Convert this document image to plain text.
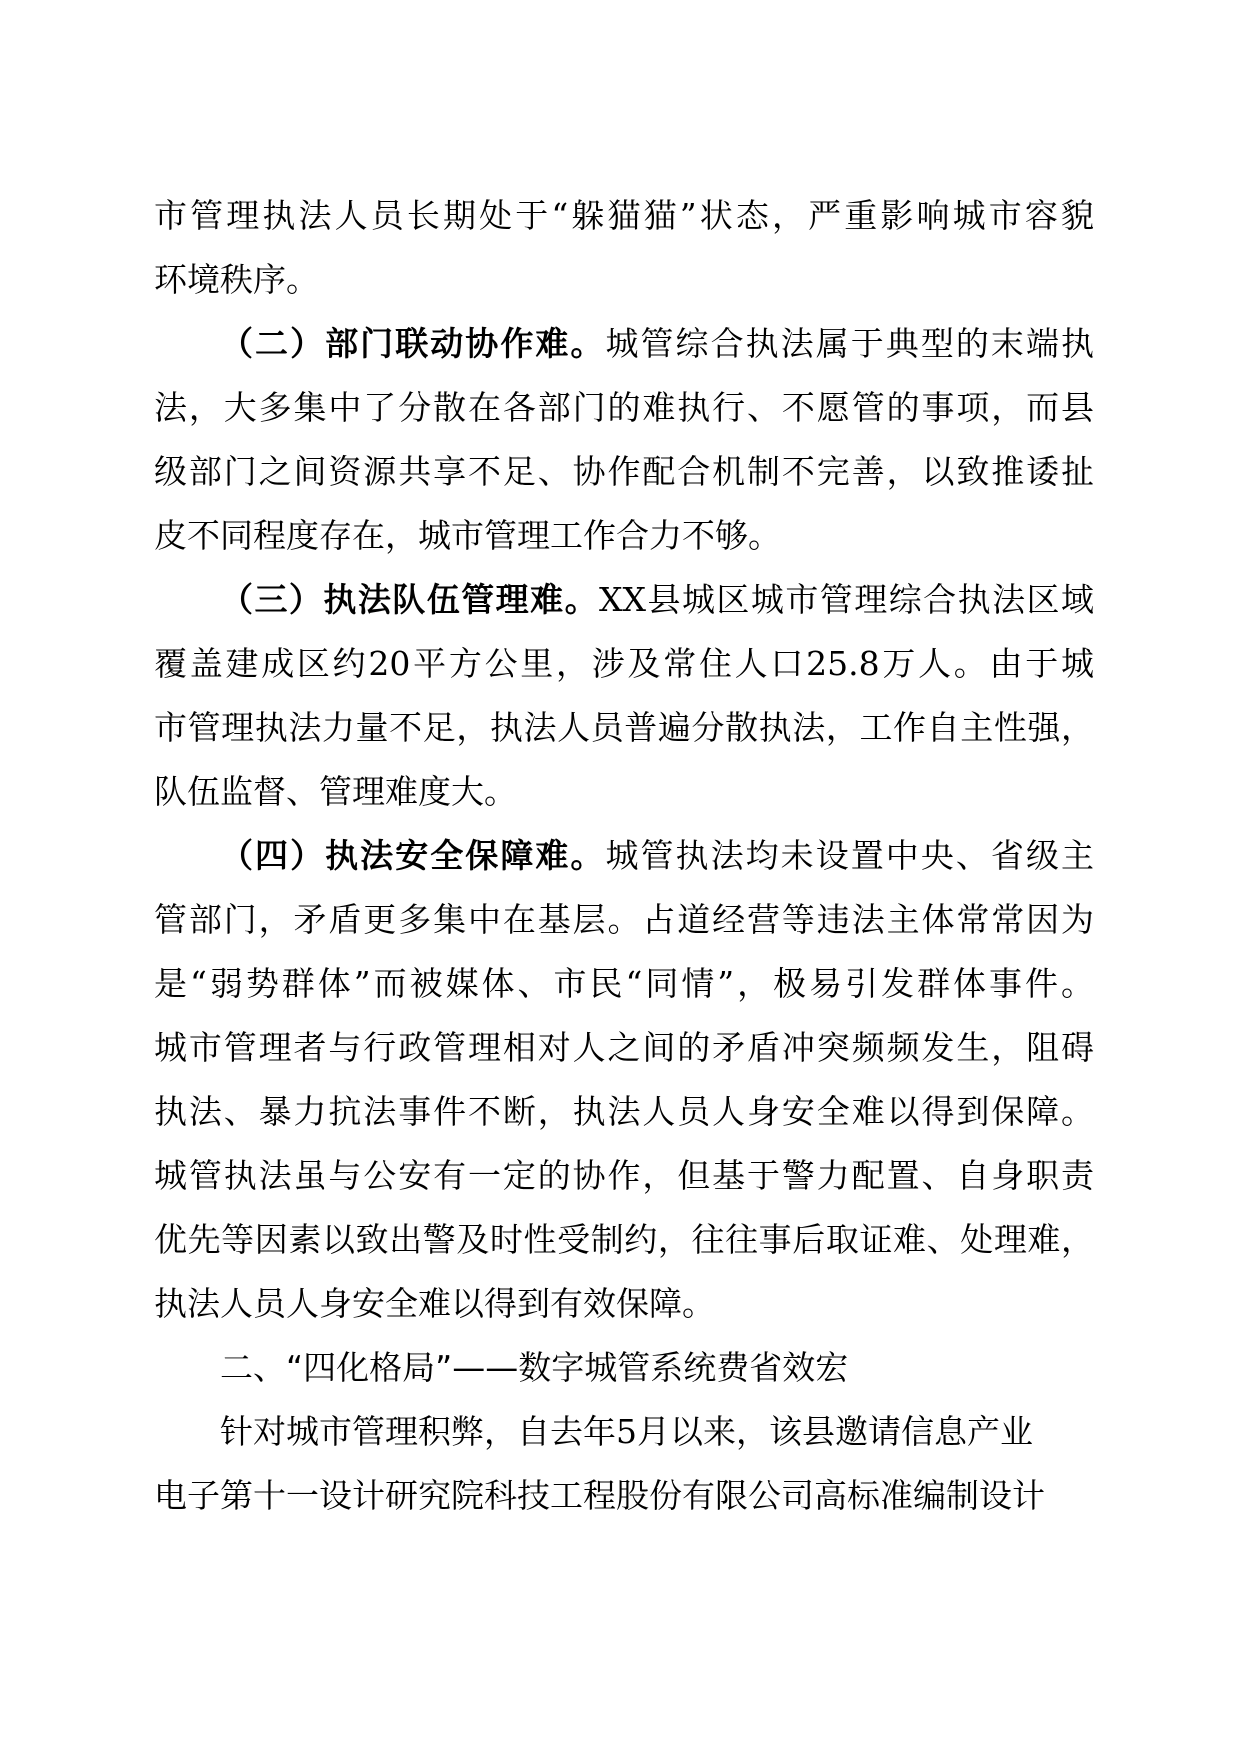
市管理执法人员长期处于“躲猫猫”状态，严重影响城市容貌
环境秩序。
（二）部门联动协作难。城管综合执法属于典型的末端执
法，大多集中了分散在各部门的难执行、不愿管的事项，而县
级部门之间资源共享不足、协作配合机制不完善，以致推诿扯
皮不同程度存在，城市管理工作合力不够。
（三）执法队伍管理难。XX县城区城市管理综合执法区域
覆盖建成区约20平方公里，涉及常住人口25.8万人。由于城
市管理执法力量不足，执法人员普遍分散执法，工作自主性强，
队伍监督、管理难度大。
（四）执法安全保障难。城管执法均未设置中央、省级主
管部门，矛盾更多集中在基层。占道经营等违法主体常常因为
是“弱势群体”而被媒体、市民“同情”，极易引发群体事件。
城市管理者与行政管理相对人之间的矛盾冲突频频发生，阻碍
执法、暴力抗法事件不断，执法人员人身安全难以得到保障。
城管执法虽与公安有一定的协作，但基于警力配置、自身职责
优先等因素以致出警及时性受制约，往往事后取证难、处理难，
执法人员人身安全难以得到有效保障。
二、“四化格局”——数字城管系统费省效宏
针对城市管理积弊，自去年5月以来，该县邀请信息产业
电子第十一设计研究院科技工程股份有限公司高标准编制设计
